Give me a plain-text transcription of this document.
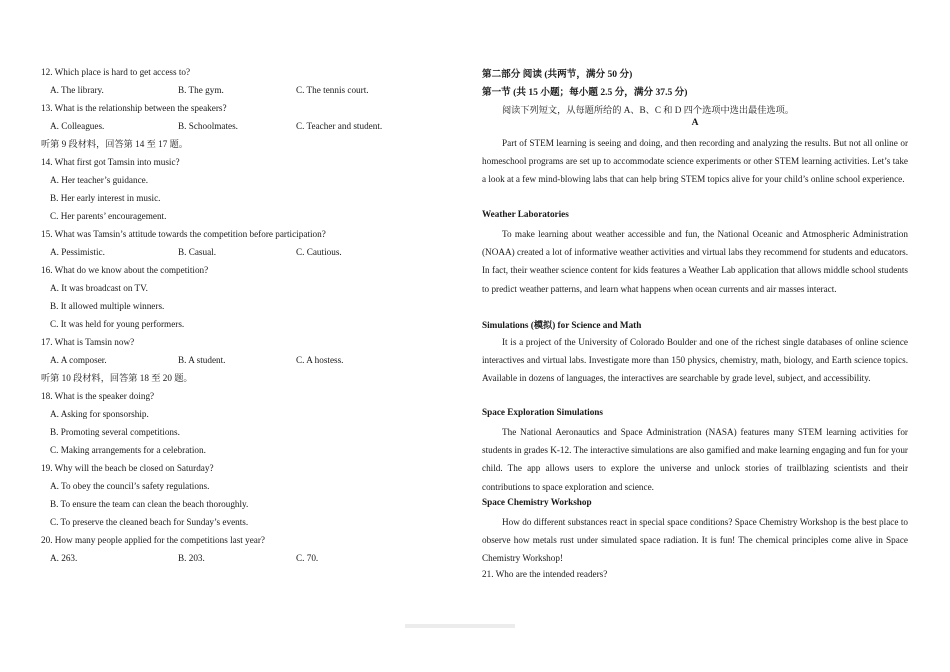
12. Which place is hard to get access to?
A. The library.	B. The gym.	C. The tennis court.
13. What is the relationship between the speakers?
A. Colleagues.	B. Schoolmates.	C. Teacher and student.
听第 9 段材料，回答第 14 至 17 题。
14. What first got Tamsin into music?
A. Her teacher’s guidance.
B. Her early interest in music.
C. Her parents’ encouragement.
15. What was Tamsin’s attitude towards the competition before participation?
A. Pessimistic.	B. Casual.	C. Cautious.
16. What do we know about the competition?
A. It was broadcast on TV.
B. It allowed multiple winners.
C. It was held for young performers.
17. What is Tamsin now?
A. A composer.	B. A student.	C. A hostess.
听第 10 段材料，回答第 18 至 20 题。
18. What is the speaker doing?
A. Asking for sponsorship.
B. Promoting several competitions.
C. Making arrangements for a celebration.
19. Why will the beach be closed on Saturday?
A. To obey the council’s safety regulations.
B. To ensure the team can clean the beach thoroughly.
C. To preserve the cleaned beach for Sunday’s events.
20. How many people applied for the competitions last year?
A. 263.	B. 203.	C. 70.
第二部分 阅读 (共两节，满分 50 分)
第一节 (共 15 小题；每小题 2.5 分，满分 37.5 分)
阅读下列短文，从每题所给的 A、B、C 和 D 四个选项中选出最佳选项。
A
Part of STEM learning is seeing and doing, and then recording and analyzing the results. But not all online or homeschool programs are set up to accommodate science experiments or other STEM learning activities. Let’s take a look at a few mind-blowing labs that can help bring STEM topics alive for your child’s online school experience.
Weather Laboratories
To make learning about weather accessible and fun, the National Oceanic and Atmospheric Administration (NOAA) created a lot of informative weather activities and virtual labs they recommend for students and educators. In fact, their weather science content for kids features a Weather Lab application that allows middle school students to predict weather patterns, and learn what happens when ocean currents and air masses interact.
Simulations (模拟) for Science and Math
It is a project of the University of Colorado Boulder and one of the richest single databases of online science interactives and virtual labs. Investigate more than 150 physics, chemistry, math, biology, and Earth science topics. Available in dozens of languages, the interactives are searchable by grade level, subject, and accessibility.
Space Exploration Simulations
The National Aeronautics and Space Administration (NASA) features many STEM learning activities for students in grades K-12. The interactive simulations are also gamified and make learning engaging and fun for your child. The app allows users to explore the universe and unlock stories of trailblazing scientists and their contributions to space exploration and science.
Space Chemistry Workshop
How do different substances react in special space conditions? Space Chemistry Workshop is the best place to observe how metals rust under simulated space radiation. It is fun! The chemical principles come alive in Space Chemistry Workshop!
21. Who are the intended readers?
